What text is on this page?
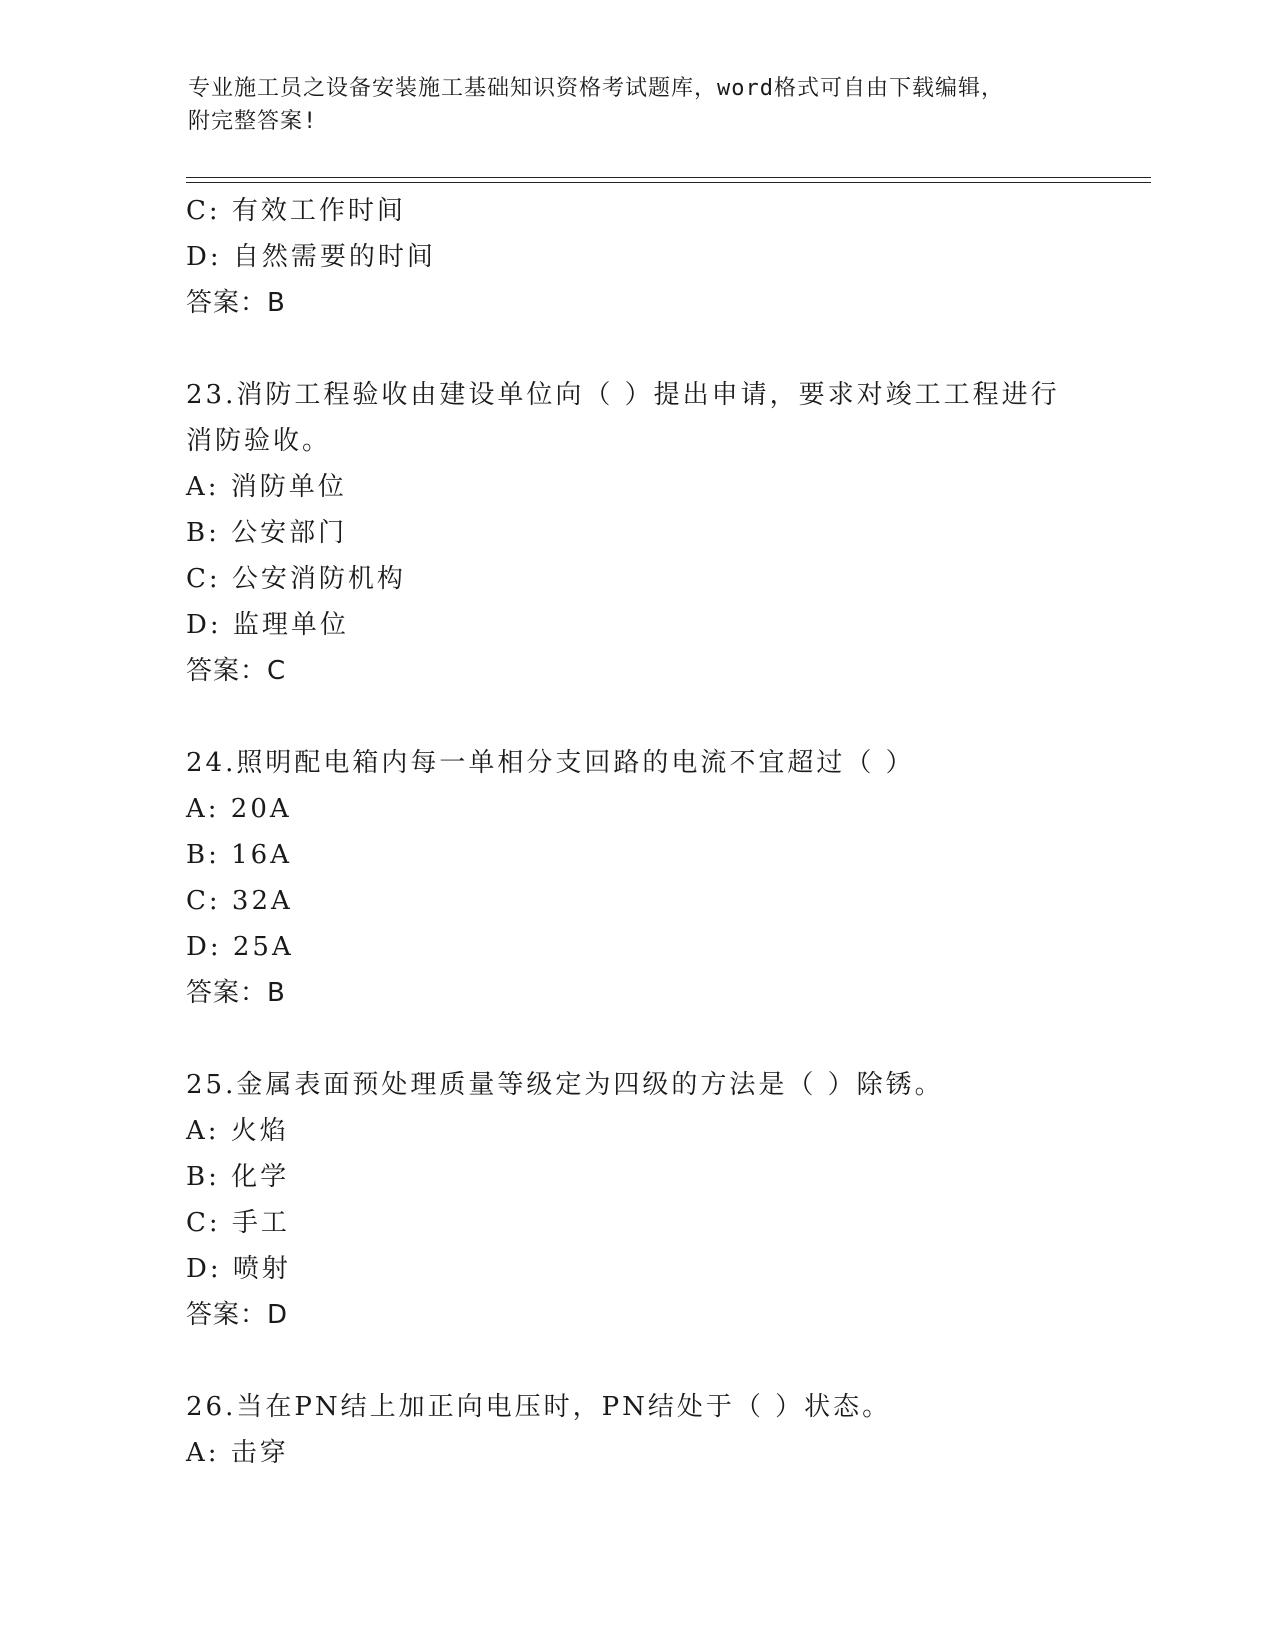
专业施工员之设备安装施工基础知识资格考试题库，word格式可自由下载编辑，
附完整答案!
C: 有效工作时间
D: 自然需要的时间
答案：B
23.消防工程验收由建设单位向（ ）提出申请，要求对竣工工程进行
消防验收。
A: 消防单位
B: 公安部门
C: 公安消防机构
D: 监理单位
答案：C
24.照明配电箱内每一单相分支回路的电流不宜超过（ ）
A: 20A
B: 16A
C: 32A
D: 25A
答案：B
25.金属表面预处理质量等级定为四级的方法是（ ）除锈。
A: 火焰
B: 化学
C: 手工
D: 喷射
答案：D
26.当在PN结上加正向电压时，PN结处于（ ）状态。
A: 击穿
